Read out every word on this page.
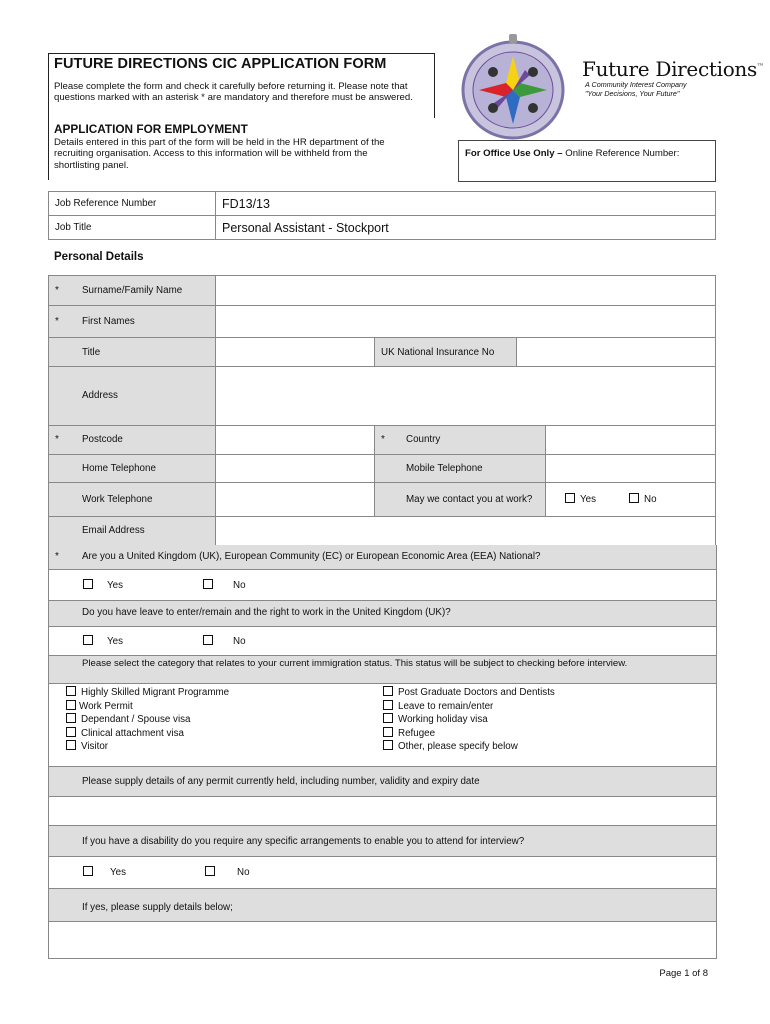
FUTURE DIRECTIONS CIC APPLICATION FORM
Please complete the form and check it carefully before returning it. Please note that questions marked with an asterisk * are mandatory and therefore must be answered.
APPLICATION FOR EMPLOYMENT
Details entered in this part of the form will be held in the HR department of the recruiting organisation. Access to this information will be withheld from the shortlisting panel.
Future Directions™
A Community Interest Company
"Your Decisions, Your Future"
For Office Use Only – Online Reference Number:
Job Reference Number	FD13/13
Job Title	Personal Assistant - Stockport
Personal Details

* Surname/Family Name
* First Names
Title	UK National Insurance No
Address
* Postcode	* Country
Home Telephone	Mobile Telephone
Work Telephone	May we contact you at work?	Yes	No
Email Address
* Are you a United Kingdom (UK), European Community (EC) or European Economic Area (EEA) National?
Yes	No
Do you have leave to enter/remain and the right to work in the United Kingdom (UK)?
Yes	No
Please select the category that relates to your current immigration status. This status will be subject to checking before interview.
Highly Skilled Migrant Programme
Work Permit
Dependant / Spouse visa
Clinical attachment visa
Visitor
Post Graduate Doctors and Dentists
Leave to remain/enter
Working holiday visa
Refugee
Other, please specify below
Please supply details of any permit currently held, including number, validity and expiry date
If you have a disability do you require any specific arrangements to enable you to attend for interview?
Yes	No
If yes, please supply details below;
Page 1 of 8
